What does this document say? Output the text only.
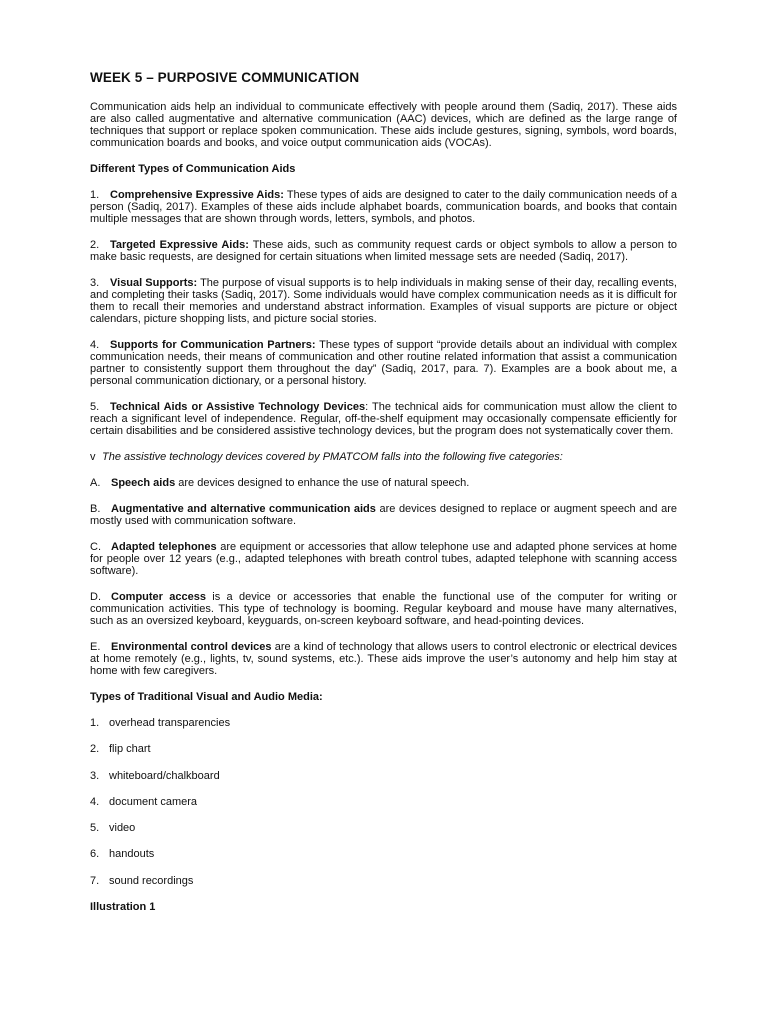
WEEK 5 – PURPOSIVE COMMUNICATION

Communication aids help an individual to communicate effectively with people around them (Sadiq, 2017). These aids are also called augmentative and alternative communication (AAC) devices, which are defined as the large range of techniques that support or replace spoken communication. These aids include gestures, signing, symbols, word boards, communication boards and books, and voice output communication aids (VOCAs).

Different Types of Communication Aids

1. Comprehensive Expressive Aids: These types of aids are designed to cater to the daily communication needs of a person (Sadiq, 2017). Examples of these aids include alphabet boards, communication boards, and books that contain multiple messages that are shown through words, letters, symbols, and photos.

2. Targeted Expressive Aids: These aids, such as community request cards or object symbols to allow a person to make basic requests, are designed for certain situations when limited message sets are needed (Sadiq, 2017).

3. Visual Supports: The purpose of visual supports is to help individuals in making sense of their day, recalling events, and completing their tasks (Sadiq, 2017). Some individuals would have complex communication needs as it is difficult for them to recall their memories and understand abstract information. Examples of visual supports are picture or object calendars, picture shopping lists, and picture social stories.

4. Supports for Communication Partners: These types of support “provide details about an individual with complex communication needs, their means of communication and other routine related information that assist a communication partner to consistently support them throughout the day” (Sadiq, 2017, para. 7). Examples are a book about me, a personal communication dictionary, or a personal history.

5. Technical Aids or Assistive Technology Devices: The technical aids for communication must allow the client to reach a significant level of independence. Regular, off-the-shelf equipment may occasionally compensate efficiently for certain disabilities and be considered assistive technology devices, but the program does not systematically cover them.

v The assistive technology devices covered by PMATCOM falls into the following five categories:

A. Speech aids are devices designed to enhance the use of natural speech.

B. Augmentative and alternative communication aids are devices designed to replace or augment speech and are mostly used with communication software.

C. Adapted telephones are equipment or accessories that allow telephone use and adapted phone services at home for people over 12 years (e.g., adapted telephones with breath control tubes, adapted telephone with scanning access software).

D. Computer access is a device or accessories that enable the functional use of the computer for writing or communication activities. This type of technology is booming. Regular keyboard and mouse have many alternatives, such as an oversized keyboard, keyguards, on-screen keyboard software, and head-pointing devices.

E. Environmental control devices are a kind of technology that allows users to control electronic or electrical devices at home remotely (e.g., lights, tv, sound systems, etc.). These aids improve the user’s autonomy and help him stay at home with few caregivers.

Types of Traditional Visual and Audio Media:

1. overhead transparencies
2. flip chart
3. whiteboard/chalkboard
4. document camera
5. video
6. handouts
7. sound recordings

Illustration 1
